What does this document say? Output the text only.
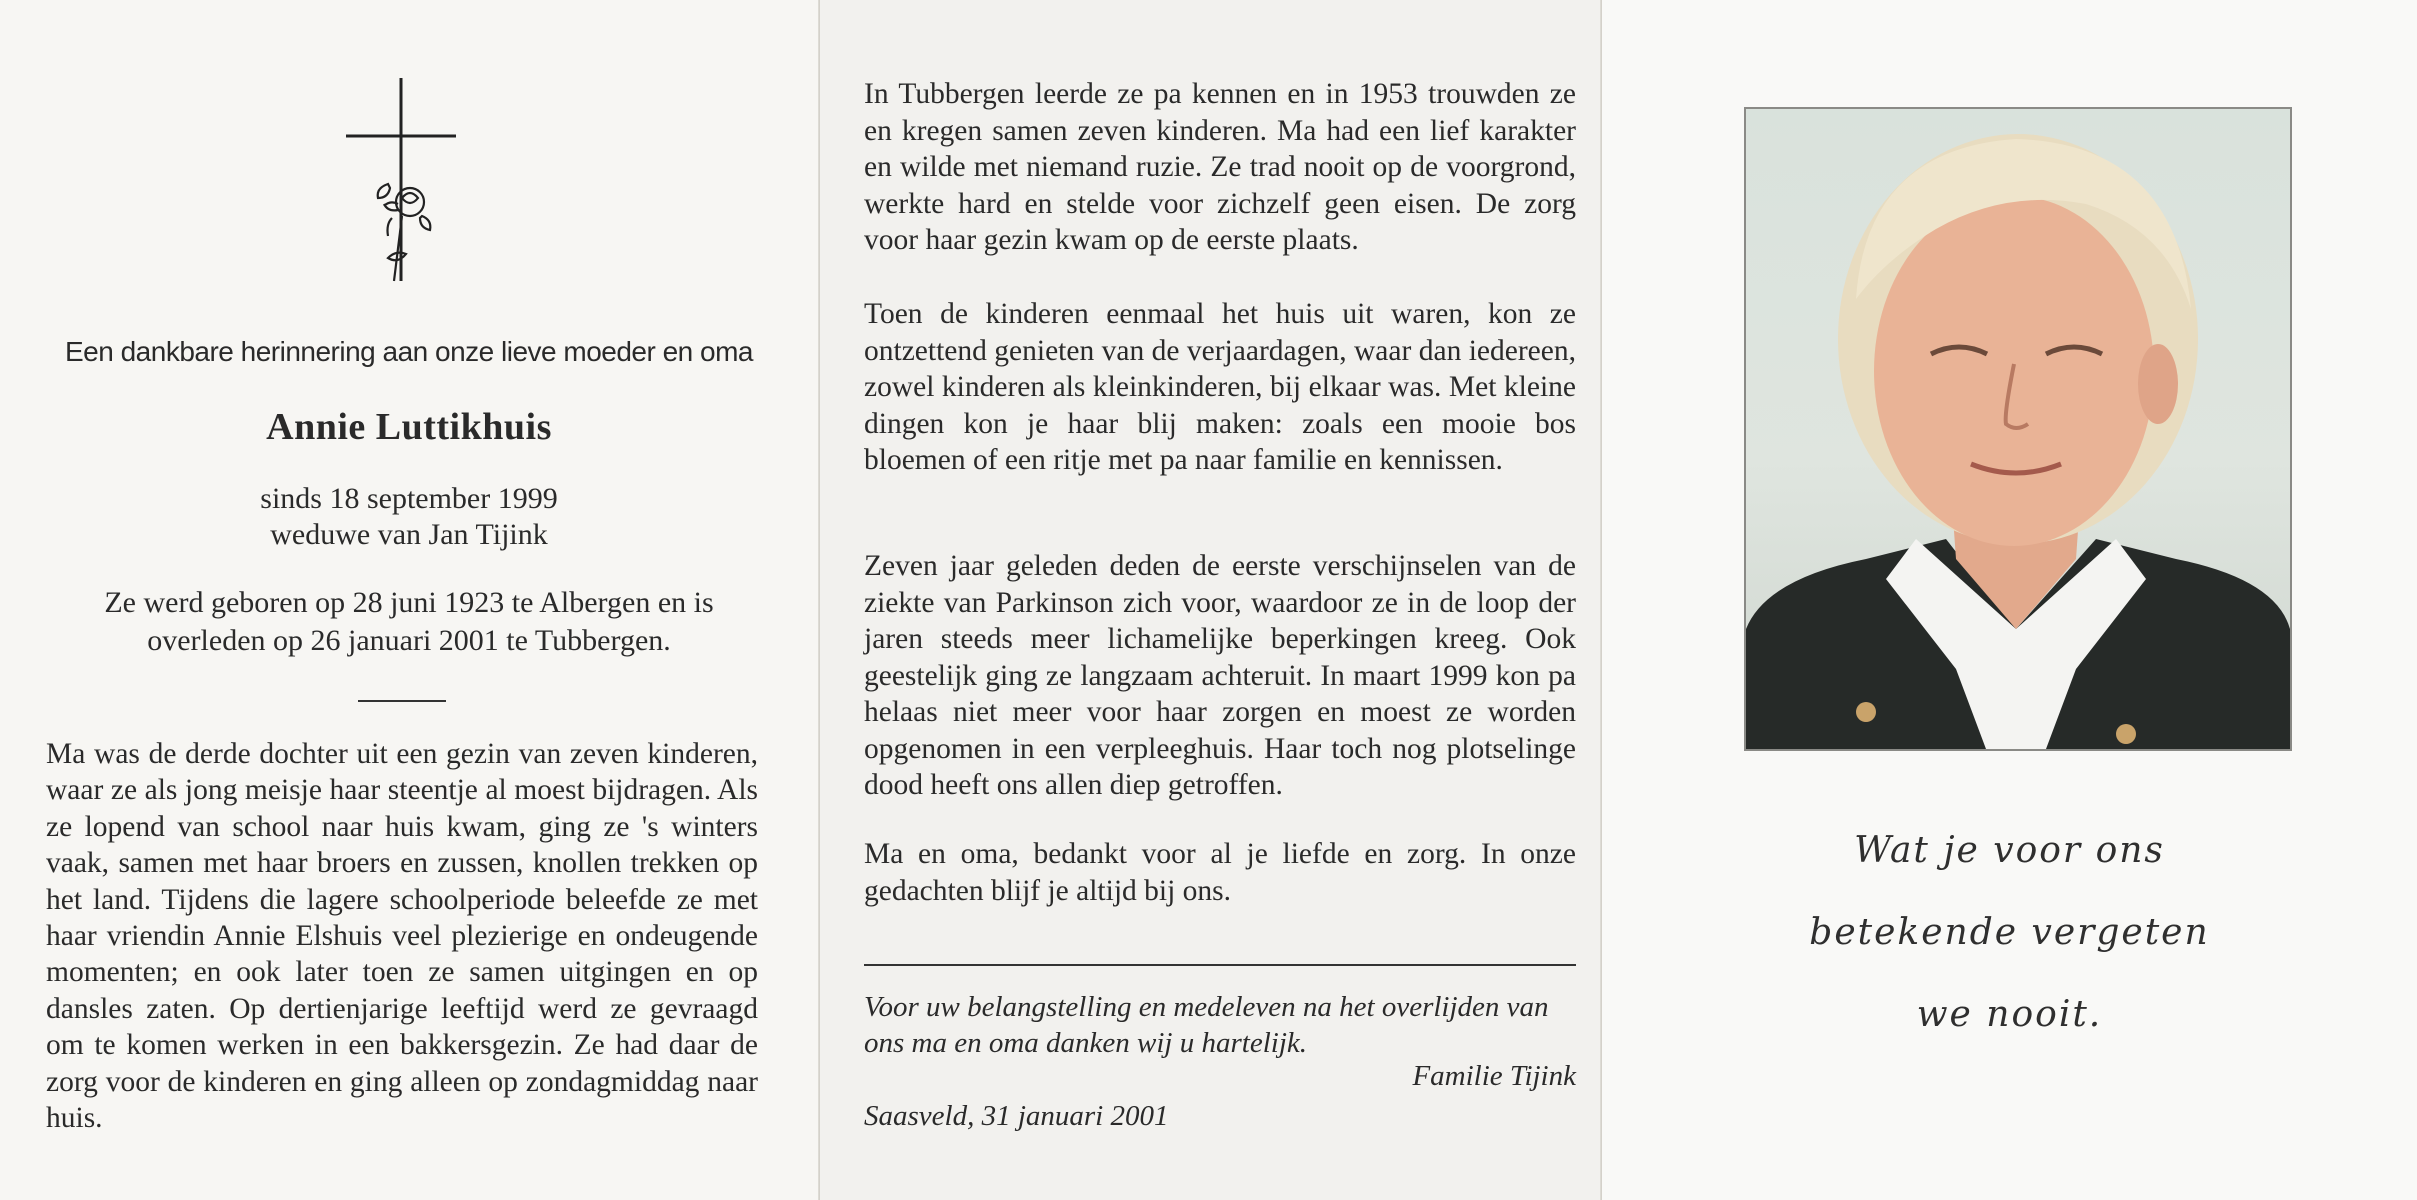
Een dankbare herinnering aan onze lieve moeder en oma
Annie Luttikhuis
sinds 18 september 1999
weduwe van Jan Tijink
Ze werd geboren op 28 juni 1923 te Albergen en is
overleden op 26 januari 2001 te Tubbergen.
Ma was de derde dochter uit een gezin van zeven kinderen, waar ze als jong meisje haar steentje al moest bijdragen. Als ze lopend van school naar huis kwam, ging ze 's winters vaak, samen met haar broers en zussen, knollen trekken op het land. Tijdens die lagere schoolperiode beleefde ze met haar vriendin Annie Elshuis veel plezierige en ondeugende momenten; en ook later toen ze samen uitgingen en op dansles zaten. Op dertienjarige leeftijd werd ze gevraagd om te komen werken in een bakkersgezin. Ze had daar de zorg voor de kinderen en ging alleen op zondagmiddag naar huis.
In Tubbergen leerde ze pa kennen en in 1953 trouwden ze en kregen samen zeven kinderen. Ma had een lief karakter en wilde met niemand ruzie. Ze trad nooit op de voorgrond, werkte hard en stelde voor zichzelf geen eisen. De zorg voor haar gezin kwam op de eerste plaats.
Toen de kinderen eenmaal het huis uit waren, kon ze ontzettend genieten van de verjaardagen, waar dan iedereen, zowel kinderen als kleinkinderen, bij elkaar was. Met kleine dingen kon je haar blij maken: zoals een mooie bos bloemen of een ritje met pa naar familie en kennissen.
Zeven jaar geleden deden de eerste verschijnselen van de ziekte van Parkinson zich voor, waardoor ze in de loop der jaren steeds meer lichamelijke beperkingen kreeg. Ook geestelijk ging ze langzaam achteruit. In maart 1999 kon pa helaas niet meer voor haar zorgen en moest ze worden opgenomen in een verpleeghuis. Haar toch nog plotselinge dood heeft ons allen diep getroffen.
Ma en oma, bedankt voor al je liefde en zorg. In onze gedachten blijf je altijd bij ons.
Voor uw belangstelling en medeleven na het overlijden van ons ma en oma danken wij u hartelijk.
Familie Tijink
Saasveld, 31 januari 2001
Wat je voor ons
betekende vergeten
we nooit.
